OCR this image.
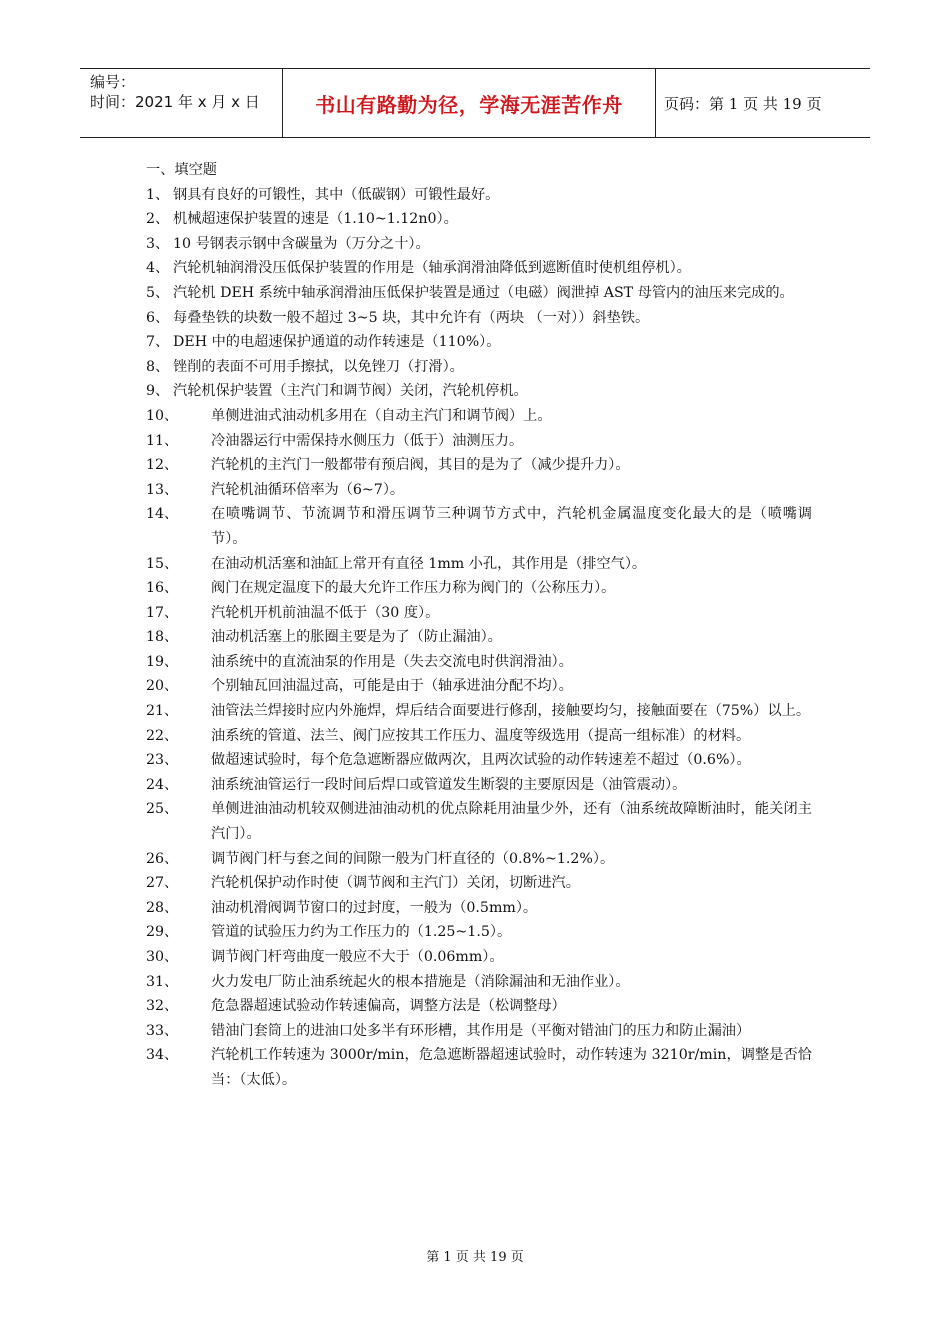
编号：
时间：2021 年 x 月 x 日	书山有路勤为径，学海无涯苦作舟	页码：第 1 页 共 19 页
一、填空题
1、 钢具有良好的可锻性，其中（低碳钢）可锻性最好。
2、 机械超速保护装置的速是（1.10~1.12n0）。
3、 10 号钢表示钢中含碳量为（万分之十）。
4、 汽轮机轴润滑没压低保护装置的作用是（轴承润滑油降低到遮断值时使机组停机）。
5、 汽轮机 DEH 系统中轴承润滑油压低保护装置是通过（电磁）阀泄掉 AST 母管内的油压来完成的。
6、 每叠垫铁的块数一般不超过 3~5 块，其中允许有（两块 （一对））斜垫铁。
7、 DEH 中的电超速保护通道的动作转速是（110%）。
8、 锉削的表面不可用手擦拭，以免锉刀（打滑）。
9、 汽轮机保护装置（主汽门和调节阀）关闭，汽轮机停机。
10、	单侧进油式油动机多用在（自动主汽门和调节阀）上。
11、	冷油器运行中需保持水侧压力（低于）油测压力。
12、	汽轮机的主汽门一般都带有预启阀，其目的是为了（减少提升力）。
13、	汽轮机油循环倍率为（6~7）。
14、	在喷嘴调节、节流调节和滑压调节三种调节方式中，汽轮机金属温度变化最大的是（喷嘴调节）。
15、	在油动机活塞和油缸上常开有直径 1mm 小孔，其作用是（排空气）。
16、	阀门在规定温度下的最大允许工作压力称为阀门的（公称压力）。
17、	汽轮机开机前油温不低于（30 度）。
18、	油动机活塞上的胀圈主要是为了（防止漏油）。
19、	油系统中的直流油泵的作用是（失去交流电时供润滑油）。
20、	个别轴瓦回油温过高，可能是由于（轴承进油分配不均）。
21、	油管法兰焊接时应内外施焊，焊后结合面要进行修刮，接触要均匀，接触面要在（75%）以上。
22、	油系统的管道、法兰、阀门应按其工作压力、温度等级选用（提高一组标准）的材料。
23、	做超速试验时，每个危急遮断器应做两次，且两次试验的动作转速差不超过（0.6%）。
24、	油系统油管运行一段时间后焊口或管道发生断裂的主要原因是（油管震动）。
25、	单侧进油油动机较双侧进油油动机的优点除耗用油量少外，还有（油系统故障断油时，能关闭主汽门）。
26、	调节阀门杆与套之间的间隙一般为门杆直径的（0.8%~1.2%）。
27、	汽轮机保护动作时使（调节阀和主汽门）关闭，切断进汽。
28、	油动机滑阀调节窗口的过封度，一般为（0.5mm）。
29、	管道的试验压力约为工作压力的（1.25~1.5）。
30、	调节阀门杆弯曲度一般应不大于（0.06mm）。
31、	火力发电厂防止油系统起火的根本措施是（消除漏油和无油作业）。
32、	危急器超速试验动作转速偏高，调整方法是（松调整母）
33、	错油门套筒上的进油口处多半有环形槽，其作用是（平衡对错油门的压力和防止漏油）
34、	汽轮机工作转速为 3000r/min，危急遮断器超速试验时，动作转速为 3210r/min，调整是否恰当：（太低）。
第 1 页 共 19 页
